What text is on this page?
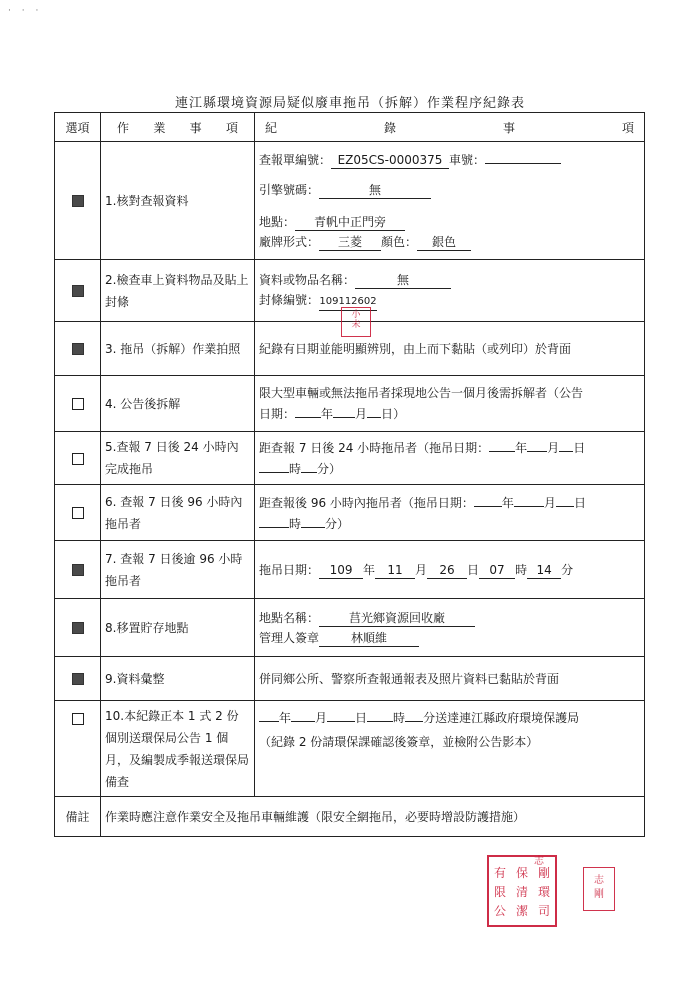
· · ·
連江縣環境資源局疑似廢車拖吊（拆解）作業程序紀錄表
選項	作 業 事 項	紀 錄 事 項

	1.核對查報資料	查報單編號： EZ05CS-0000375 車號：
引擎號碼： 無
地點： 青帆中正門旁
廠牌形式： 三菱 顏色： 銀色

	2.檢查車上資料物品及貼上封條	資料或物品名稱： 無
封條編號：109112602

	3. 拖吊（拆解）作業拍照	紀錄有日期並能明顯辨別，由上而下黏貼（或列印）於背面

	4. 公告後拆解	限大型車輛或無法拖吊者採現地公告一個月後需拆解者（公告
日期： 年 月 日）

	5.查報 7 日後 24 小時內完成拖吊	距查報 7 日後 24 小時拖吊者（拖吊日期： 年 月 日
時 分）

	6. 查報 7 日後 96 小時內拖吊者	距查報後 96 小時內拖吊者（拖吊日期： 年 月 日
時 分）

	7. 查報 7 日後逾 96 小時拖吊者	拖吊日期： 109 年 11 月 26 日 07 時 14 分

	8.移置貯存地點	地點名稱： 莒光鄉資源回收廠
管理人簽章 林順維

	9.資料彙整	併同鄉公所、警察所查報通報表及照片資料已黏貼於背面

	10.本紀錄正本 1 式 2 份個別送環保局公告 1 個月，及編製成季報送環保局備查	年 月 日 時 分送達連江縣政府環境保護局
（紀錄 2 份請環保課確認後簽章，並檢附公告影本）

備註	作業時應注意作業安全及拖吊車輛維護（限安全網拖吊，必要時增設防護措施）	
小
未
志
有 保 剛
限 清 環
公 潔 司
志
剛
